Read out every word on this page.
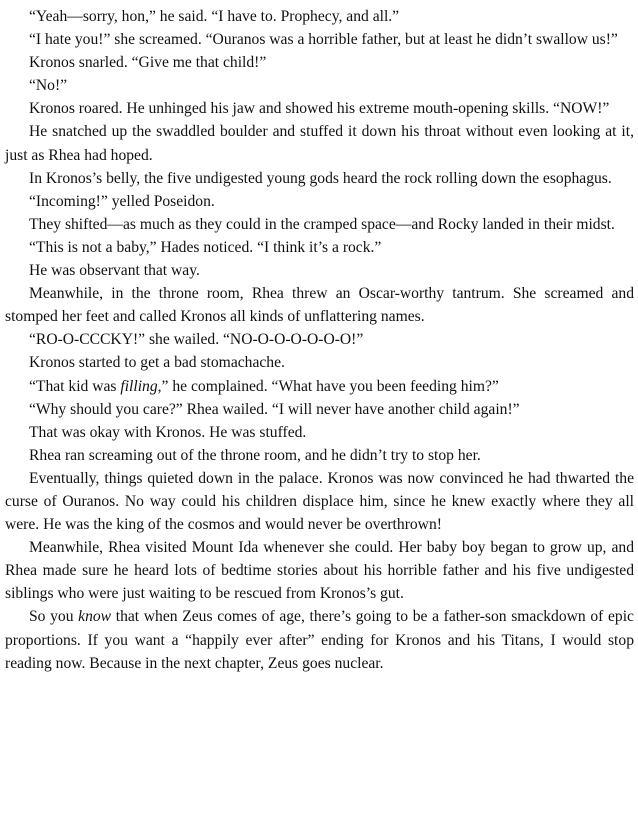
“Yeah—sorry, hon,” he said. “I have to. Prophecy, and all.”

“I hate you!” she screamed. “Ouranos was a horrible father, but at least he didn’t swallow us!”

Kronos snarled. “Give me that child!”

“No!”

Kronos roared. He unhinged his jaw and showed his extreme mouth-opening skills. “NOW!”

He snatched up the swaddled boulder and stuffed it down his throat without even looking at it, just as Rhea had hoped.

In Kronos’s belly, the five undigested young gods heard the rock rolling down the esophagus.

“Incoming!” yelled Poseidon.

They shifted—as much as they could in the cramped space—and Rocky landed in their midst.

“This is not a baby,” Hades noticed. “I think it’s a rock.”

He was observant that way.

Meanwhile, in the throne room, Rhea threw an Oscar-worthy tantrum. She screamed and stomped her feet and called Kronos all kinds of unflattering names.

“RO-O-CCCKY!” she wailed. “NO-O-O-O-O-O-O!”

Kronos started to get a bad stomachache.

“That kid was filling,” he complained. “What have you been feeding him?”

“Why should you care?” Rhea wailed. “I will never have another child again!”

That was okay with Kronos. He was stuffed.

Rhea ran screaming out of the throne room, and he didn’t try to stop her.

Eventually, things quieted down in the palace. Kronos was now convinced he had thwarted the curse of Ouranos. No way could his children displace him, since he knew exactly where they all were. He was the king of the cosmos and would never be overthrown!

Meanwhile, Rhea visited Mount Ida whenever she could. Her baby boy began to grow up, and Rhea made sure he heard lots of bedtime stories about his horrible father and his five undigested siblings who were just waiting to be rescued from Kronos’s gut.

So you know that when Zeus comes of age, there’s going to be a father-son smackdown of epic proportions. If you want a “happily ever after” ending for Kronos and his Titans, I would stop reading now. Because in the next chapter, Zeus goes nuclear.
